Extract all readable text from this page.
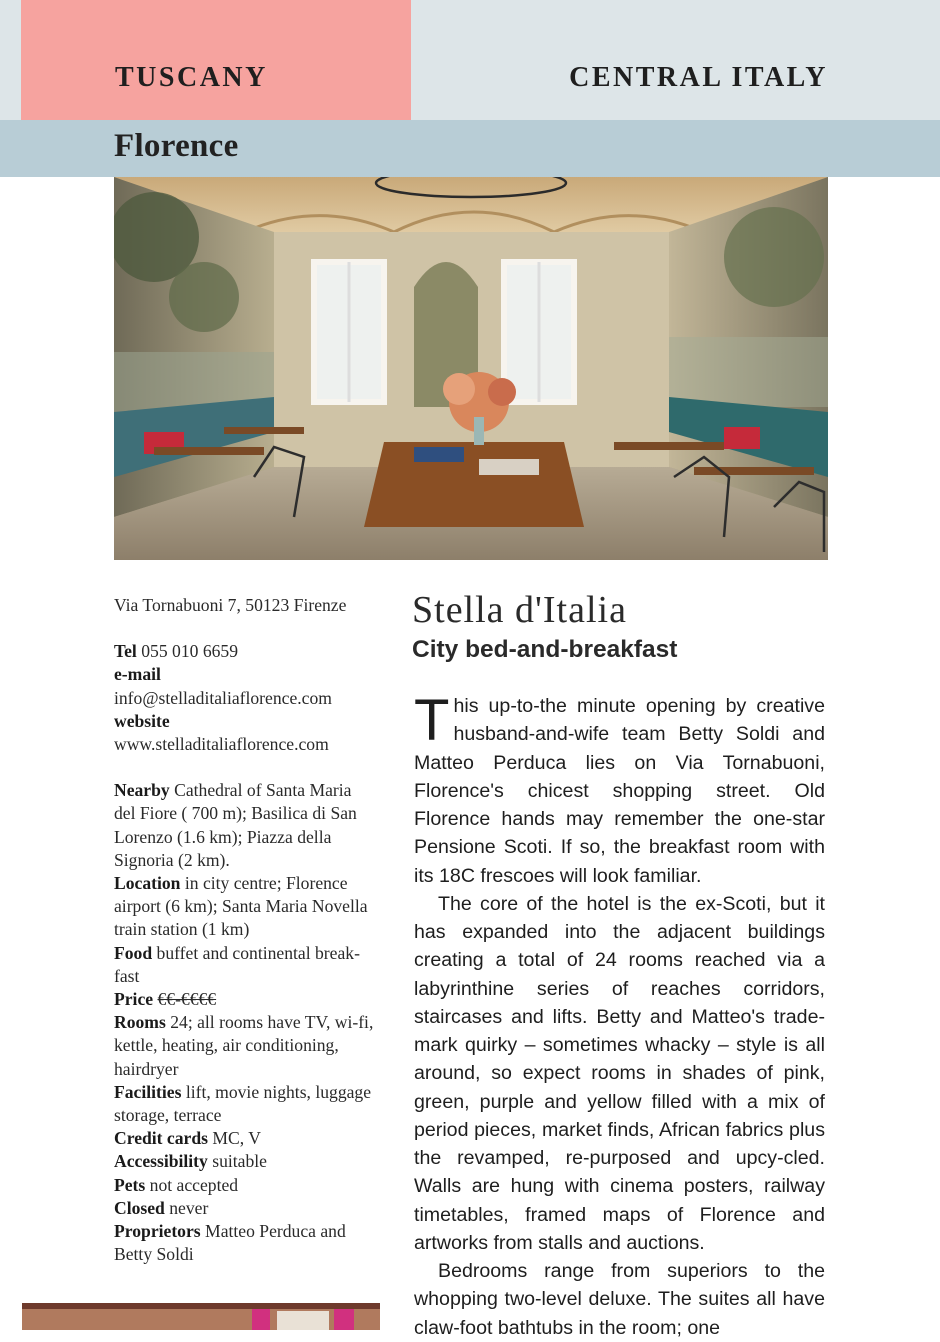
TUSCANY	CENTRAL ITALY
Florence
Via Tornabuoni 7, 50123 Firenze
Tel 055 010 6659
e-mail
info@stelladitaliaflorence.com
website
www.stelladitaliaflorence.com
Nearby Cathedral of Santa Maria
del Fiore ( 700 m); Basilica di San
Lorenzo (1.6 km); Piazza della
Signoria (2 km).
Location in city centre; Florence
airport (6 km); Santa Maria Novella
train station (1 km)
Food buffet and continental break-
fast
Price €€-€€€€
Rooms 24; all rooms have TV, wi-fi,
kettle, heating, air conditioning,
hairdryer
Facilities lift, movie nights, luggage
storage, terrace
Credit cards MC, V
Accessibility suitable
Pets not accepted
Closed never
Proprietors Matteo Perduca and
Betty Soldi
Stella d'Italia
City bed-and-breakfast

This up-to-the minute opening by creative husband-and-wife team Betty Soldi and Matteo Perduca lies on Via Tornabuoni, Florence's chicest shopping street. Old Florence hands may remember the one-star Pensione Scoti. If so, the breakfast room with its 18C frescoes will look familiar.

The core of the hotel is the ex-Scoti, but it has expanded into the adjacent buildings creating a total of 24 rooms reached via a labyrinthine series of reaches corridors, staircases and lifts. Betty and Matteo's trade-mark quirky – sometimes whacky – style is all around, so expect rooms in shades of pink, green, purple and yellow filled with a mix of period pieces, market finds, African fabrics plus the revamped, re-purposed and upcy-cled. Walls are hung with cinema posters, railway timetables, framed maps of Florence and artworks from stalls and auctions.

Bedrooms range from superiors to the whopping two-level deluxe. The suites all have claw-foot bathtubs in the room; one
